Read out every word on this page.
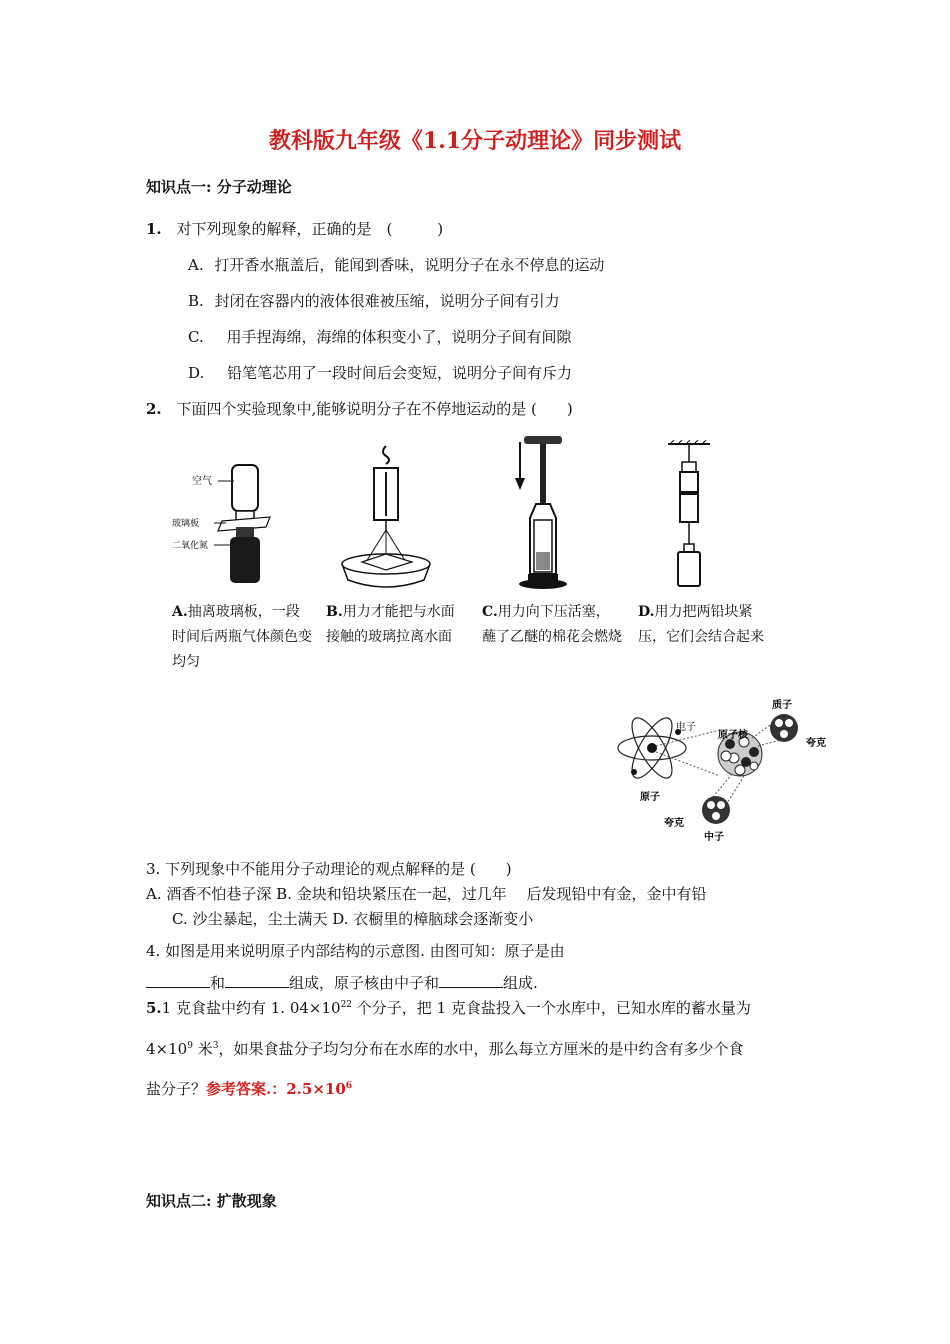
教科版九年级《1.1分子动理论》同步测试
知识点一: 分子动理论
1. 对下列现象的解释，正确的是　(　　　)
A. 打开香水瓶盖后，能闻到香味，说明分子在永不停息的运动
B. 封闭在容器内的液体很难被压缩，说明分子间有引力
C. 用手捏海绵，海绵的体积变小了，说明分子间有间隙
D. 铅笔笔芯用了一段时间后会变短，说明分子间有斥力
2. 下面四个实验现象中,能够说明分子在不停地运动的是 (　　)
空气
玻璃板
二氧化氮
A.抽离玻璃板，一段时间后两瓶气体颜色变均匀
B.用力才能把与水面接触的玻璃拉离水面
C.用力向下压活塞，蘸了乙醚的棉花会燃烧
D.用力把两铅块紧压，它们会结合起来
电子
原子核
质子
夸克
原子
夸克
中子
3. 下列现象中不能用分子动理论的观点解释的是 (　　)
A. 酒香不怕巷子深 B. 金块和铅块紧压在一起，过几年　 后发现铅中有金，金中有铅
C. 沙尘暴起，尘土满天 D. 衣橱里的樟脑球会逐渐变小
4. 如图是用来说明原子内部结构的示意图. 由图可知：原子是由
和	组成，原子核由中子和	组成.
5.1 克食盐中约有 1. $04\times 10^{22}$ 个分子，把 1 克食盐投入一个水库中，已知水库的蓄水量为
$4\times 10^9$ 米$^3$，如果食盐分子均匀分布在水库的水中，那么每立方厘米的是中约含有多少个食
盐分子？参考答案.：$2.5\times 10^6$
知识点二: 扩散现象
